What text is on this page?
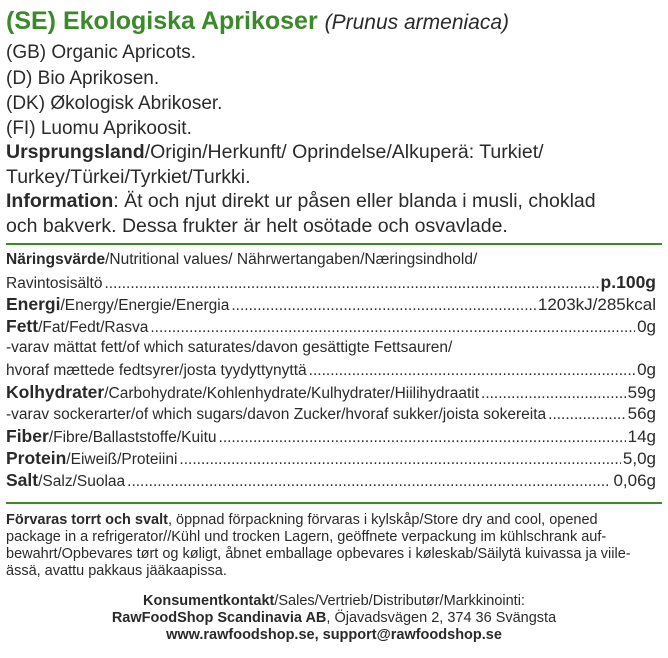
(SE) Ekologiska Aprikoser (Prunus armeniaca)
(GB) Organic Apricots.
(D) Bio Aprikosen.
(DK) Økologisk Abrikoser.
(FI) Luomu Aprikoosit.
Ursprungsland/Origin/Herkunft/ Oprindelse/Alkuperä: Turkiet/
Turkey/Türkei/Tyrkiet/Turkki.
Information: Ät och njut direkt ur påsen eller blanda i musli, choklad
och bakverk. Dessa frukter är helt osötade och osvavlade.
Näringsvärde/Nutritional values/ Nährwertangaben/Næringsindhold/
Ravintosisältö .....	p.100g
Energi/Energy/Energie/Energia .....	1203kJ/285kcal
Fett/Fat/Fedt/Rasva .....	0g
-varav mättat fett/of which saturates/davon gesättigte Fettsauren/
hvoraf mættede fedtsyrer/josta tyydyttynyttä .....	0g
Kolhydrater/Carbohydrate/Kohlenhydrate/Kulhydrater/Hiilihydraatit .....	59g
-varav sockerarter/of which sugars/davon Zucker/hvoraf sukker/joista sokereita .....	56g
Fiber/Fibre/Ballaststoffe/Kuitu .....	14g
Protein/Eiweiß/Proteiini .....	5,0g
Salt/Salz/Suolaa .....	0,06g
Förvaras torrt och svalt, öppnad förpackning förvaras i kylskåp/Store dry and cool, opened
package in a refrigerator//Kühl und trocken Lagern, geöffnete verpackung im kühlschrank auf-
bewahrt/Opbevares tørt og køligt, åbnet emballage opbevares i køleskab/Säilytä kuivassa ja viile-
ässä, avattu pakkaus jääkaapissa.
Konsumentkontakt/Sales/Vertrieb/Distributør/Markkinointi:
RawFoodShop Scandinavia AB, Öjavadsvägen 2, 374 36 Svängsta
www.rawfoodshop.se, support@rawfoodshop.se
